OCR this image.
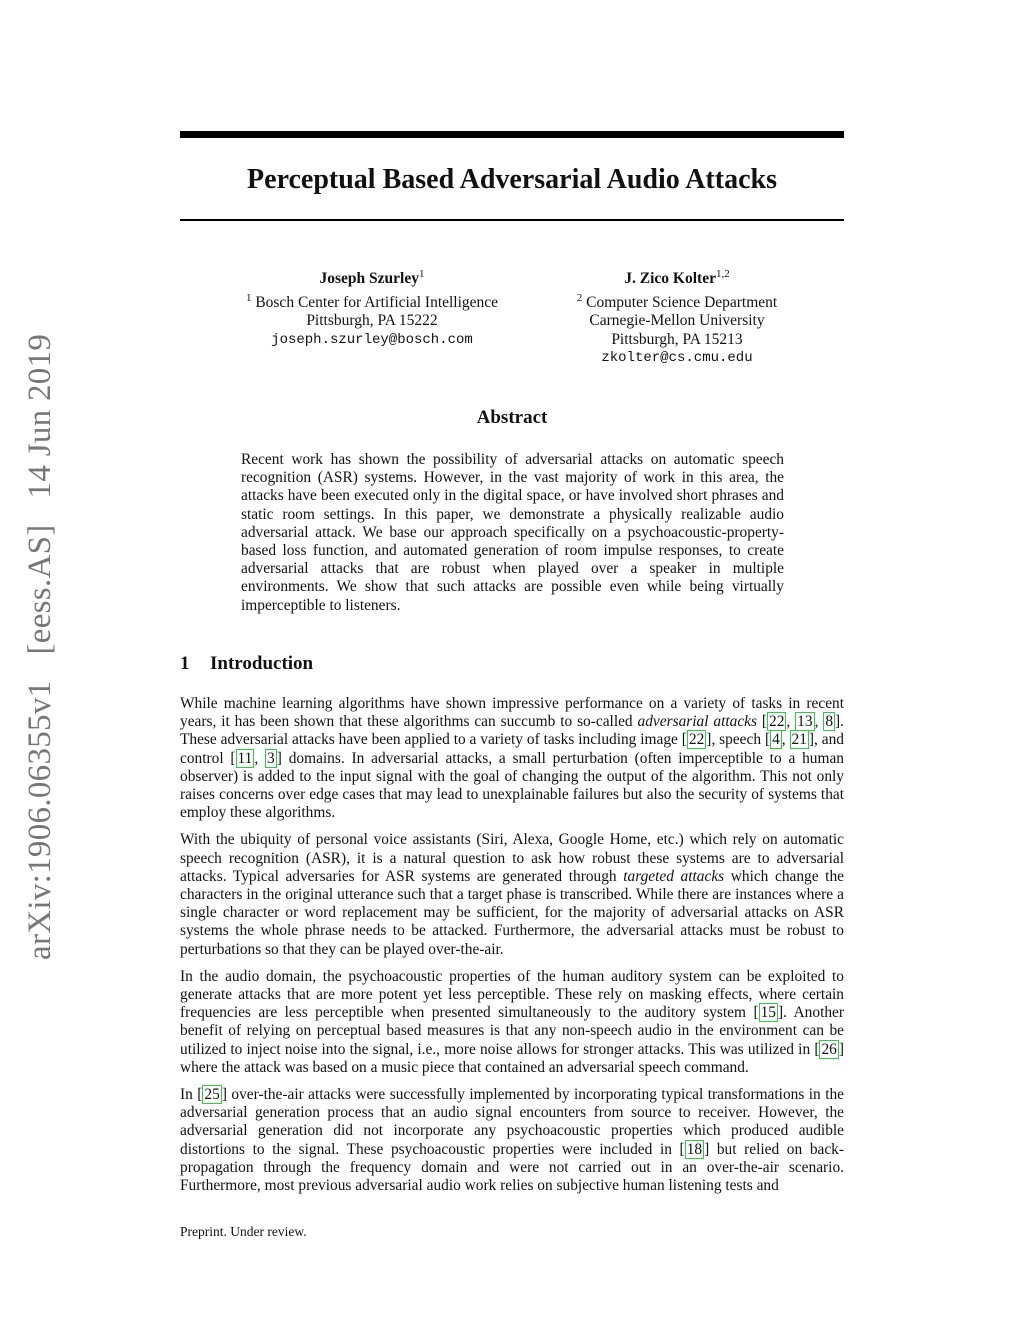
arXiv:1906.06355v1[eess.AS]14 Jun 2019
Perceptual Based Adversarial Audio Attacks
Joseph Szurley$^1$
$^1$ Bosch Center for Artificial Intelligence
Pittsburgh, PA 15222
joseph.szurley@bosch.com
J. Zico Kolter$^{1,2}$
$^2$ Computer Science Department
Carnegie-Mellon University
Pittsburgh, PA 15213
zkolter@cs.cmu.edu
Abstract

Recent work has shown the possibility of adversarial attacks on automatic speech recognition (ASR) systems. However, in the vast majority of work in this area, the attacks have been executed only in the digital space, or have involved short phrases and static room settings. In this paper, we demonstrate a physically realizable audio adversarial attack. We base our approach specifically on a psychoacoustic-property-based loss function, and automated generation of room impulse responses, to create adversarial attacks that are robust when played over a speaker in multiple environments. We show that such attacks are possible even while being virtually imperceptible to listeners.

1 Introduction

While machine learning algorithms have shown impressive performance on a variety of tasks in recent years, it has been shown that these algorithms can succumb to so-called adversarial attacks [ 22 , 13 , 8 ]. These adversarial attacks have been applied to a variety of tasks including image [ 22 ], speech [ 4 , 21 ], and control [ 11 , 3 ] domains. In adversarial attacks, a small perturbation (often imperceptible to a human observer) is added to the input signal with the goal of changing the output of the algorithm. This not only raises concerns over edge cases that may lead to unexplainable failures but also the security of systems that employ these algorithms.

With the ubiquity of personal voice assistants (Siri, Alexa, Google Home, etc.) which rely on automatic speech recognition (ASR), it is a natural question to ask how robust these systems are to adversarial attacks. Typical adversaries for ASR systems are generated through targeted attacks which change the characters in the original utterance such that a target phase is transcribed. While there are instances where a single character or word replacement may be sufficient, for the majority of adversarial attacks on ASR systems the whole phrase needs to be attacked. Furthermore, the adversarial attacks must be robust to perturbations so that they can be played over-the-air.

In the audio domain, the psychoacoustic properties of the human auditory system can be exploited to generate attacks that are more potent yet less perceptible. These rely on masking effects, where certain frequencies are less perceptible when presented simultaneously to the auditory system [ 15 ]. Another benefit of relying on perceptual based measures is that any non-speech audio in the environment can be utilized to inject noise into the signal, i.e., more noise allows for stronger attacks. This was utilized in [ 26 ] where the attack was based on a music piece that contained an adversarial speech command.

In [ 25 ] over-the-air attacks were successfully implemented by incorporating typical transformations in the adversarial generation process that an audio signal encounters from source to receiver. However, the adversarial generation did not incorporate any psychoacoustic properties which produced audible distortions to the signal. These psychoacoustic properties were included in [ 18 ] but relied on back-propagation through the frequency domain and were not carried out in an over-the-air scenario. Furthermore, most previous adversarial audio work relies on subjective human listening tests and

Preprint. Under review.
